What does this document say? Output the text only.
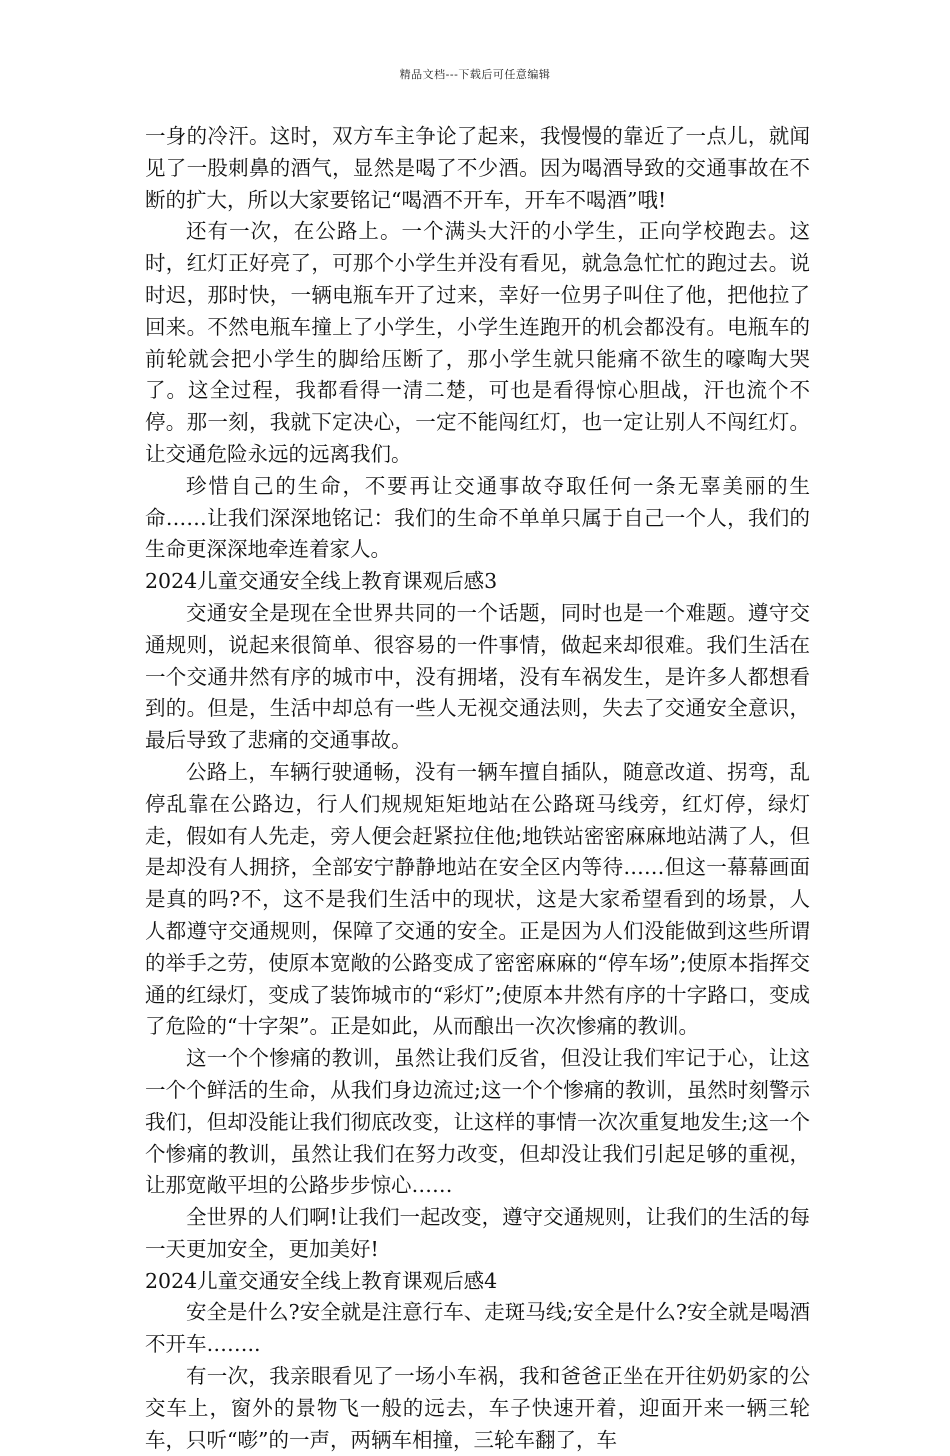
精品文档---下载后可任意编辑

一身的冷汗。这时，双方车主争论了起来，我慢慢的靠近了一点儿，就闻见了一股刺鼻的酒气，显然是喝了不少酒。因为喝酒导致的交通事故在不断的扩大，所以大家要铭记“喝酒不开车，开车不喝酒”哦!

还有一次，在公路上。一个满头大汗的小学生，正向学校跑去。这时，红灯正好亮了，可那个小学生并没有看见，就急急忙忙的跑过去。说时迟，那时快，一辆电瓶车开了过来，幸好一位男子叫住了他，把他拉了回来。不然电瓶车撞上了小学生，小学生连跑开的机会都没有。电瓶车的前轮就会把小学生的脚给压断了，那小学生就只能痛不欲生的嚎啕大哭了。这全过程，我都看得一清二楚，可也是看得惊心胆战，汗也流个不停。那一刻，我就下定决心，一定不能闯红灯，也一定让别人不闯红灯。让交通危险永远的远离我们。

珍惜自己的生命，不要再让交通事故夺取任何一条无辜美丽的生命……让我们深深地铭记：我们的生命不单单只属于自己一个人，我们的生命更深深地牵连着家人。

2024儿童交通安全线上教育课观后感3

交通安全是现在全世界共同的一个话题，同时也是一个难题。遵守交通规则，说起来很简单、很容易的一件事情，做起来却很难。我们生活在一个交通井然有序的城市中，没有拥堵，没有车祸发生，是许多人都想看到的。但是，生活中却总有一些人无视交通法则，失去了交通安全意识，最后导致了悲痛的交通事故。

公路上，车辆行驶通畅，没有一辆车擅自插队，随意改道、拐弯，乱停乱靠在公路边，行人们规规矩矩地站在公路斑马线旁，红灯停，绿灯走，假如有人先走，旁人便会赶紧拉住他;地铁站密密麻麻地站满了人，但是却没有人拥挤，全部安宁静静地站在安全区内等待……但这一幕幕画面是真的吗?不，这不是我们生活中的现状，这是大家希望看到的场景，人人都遵守交通规则，保障了交通的安全。正是因为人们没能做到这些所谓的举手之劳，使原本宽敞的公路变成了密密麻麻的“停车场”;使原本指挥交通的红绿灯，变成了装饰城市的“彩灯”;使原本井然有序的十字路口，变成了危险的“十字架”。正是如此，从而酿出一次次惨痛的教训。

这一个个惨痛的教训，虽然让我们反省，但没让我们牢记于心，让这一个个鲜活的生命，从我们身边流过;这一个个惨痛的教训，虽然时刻警示我们，但却没能让我们彻底改变，让这样的事情一次次重复地发生;这一个个惨痛的教训，虽然让我们在努力改变，但却没让我们引起足够的重视，让那宽敞平坦的公路步步惊心……

全世界的人们啊!让我们一起改变，遵守交通规则，让我们的生活的每一天更加安全，更加美好!

2024儿童交通安全线上教育课观后感4

安全是什么?安全就是注意行车、走斑马线;安全是什么?安全就是喝酒不开车……..

有一次，我亲眼看见了一场小车祸，我和爸爸正坐在开往奶奶家的公交车上，窗外的景物飞一般的远去，车子快速开着，迎面开来一辆三轮车，只听“嘭”的一声，两辆车相撞，三轮车翻了，车
